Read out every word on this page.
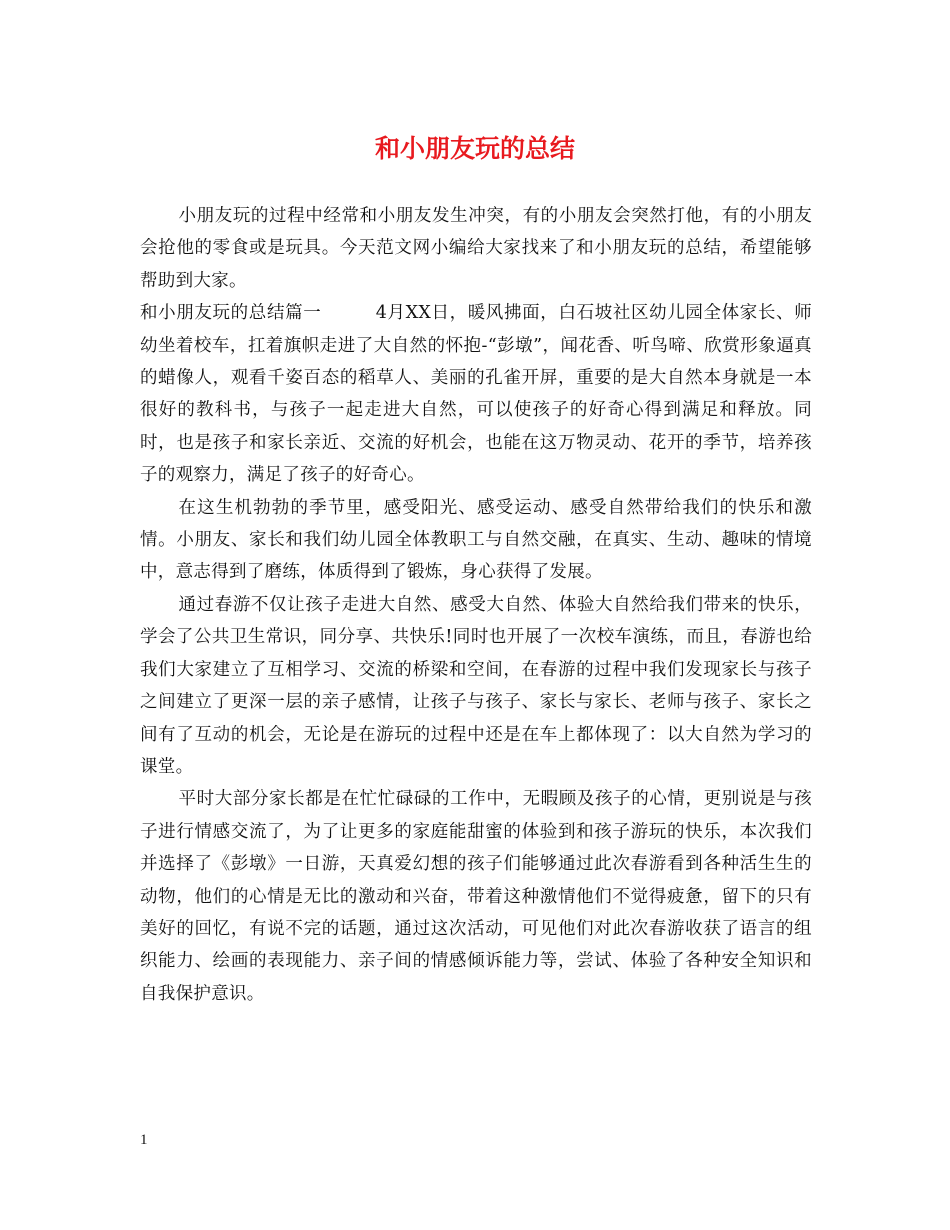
和小朋友玩的总结

小朋友玩的过程中经常和小朋友发生冲突，有的小朋友会突然打他，有的小朋友会抢他的零食或是玩具。今天范文网小编给大家找来了和小朋友玩的总结，希望能够帮助到大家。

和小朋友玩的总结篇一　　　4月XX日，暖风拂面，白石坡社区幼儿园全体家长、师幼坐着校车，扛着旗帜走进了大自然的怀抱-“彭墩”，闻花香、听鸟啼、欣赏形象逼真的蜡像人，观看千姿百态的稻草人、美丽的孔雀开屏，重要的是大自然本身就是一本很好的教科书，与孩子一起走进大自然，可以使孩子的好奇心得到满足和释放。同时，也是孩子和家长亲近、交流的好机会，也能在这万物灵动、花开的季节，培养孩子的观察力，满足了孩子的好奇心。

在这生机勃勃的季节里，感受阳光、感受运动、感受自然带给我们的快乐和激情。小朋友、家长和我们幼儿园全体教职工与自然交融，在真实、生动、趣味的情境中，意志得到了磨练，体质得到了锻炼，身心获得了发展。

通过春游不仅让孩子走进大自然、感受大自然、体验大自然给我们带来的快乐，学会了公共卫生常识，同分享、共快乐!同时也开展了一次校车演练，而且，春游也给我们大家建立了互相学习、交流的桥梁和空间，在春游的过程中我们发现家长与孩子之间建立了更深一层的亲子感情，让孩子与孩子、家长与家长、老师与孩子、家长之间有了互动的机会，无论是在游玩的过程中还是在车上都体现了：以大自然为学习的课堂。

平时大部分家长都是在忙忙碌碌的工作中，无暇顾及孩子的心情，更别说是与孩子进行情感交流了，为了让更多的家庭能甜蜜的体验到和孩子游玩的快乐，本次我们并选择了《彭墩》一日游，天真爱幻想的孩子们能够通过此次春游看到各种活生生的动物，他们的心情是无比的激动和兴奋，带着这种激情他们不觉得疲惫，留下的只有美好的回忆，有说不完的话题，通过这次活动，可见他们对此次春游收获了语言的组织能力、绘画的表现能力、亲子间的情感倾诉能力等，尝试、体验了各种安全知识和自我保护意识。

1
